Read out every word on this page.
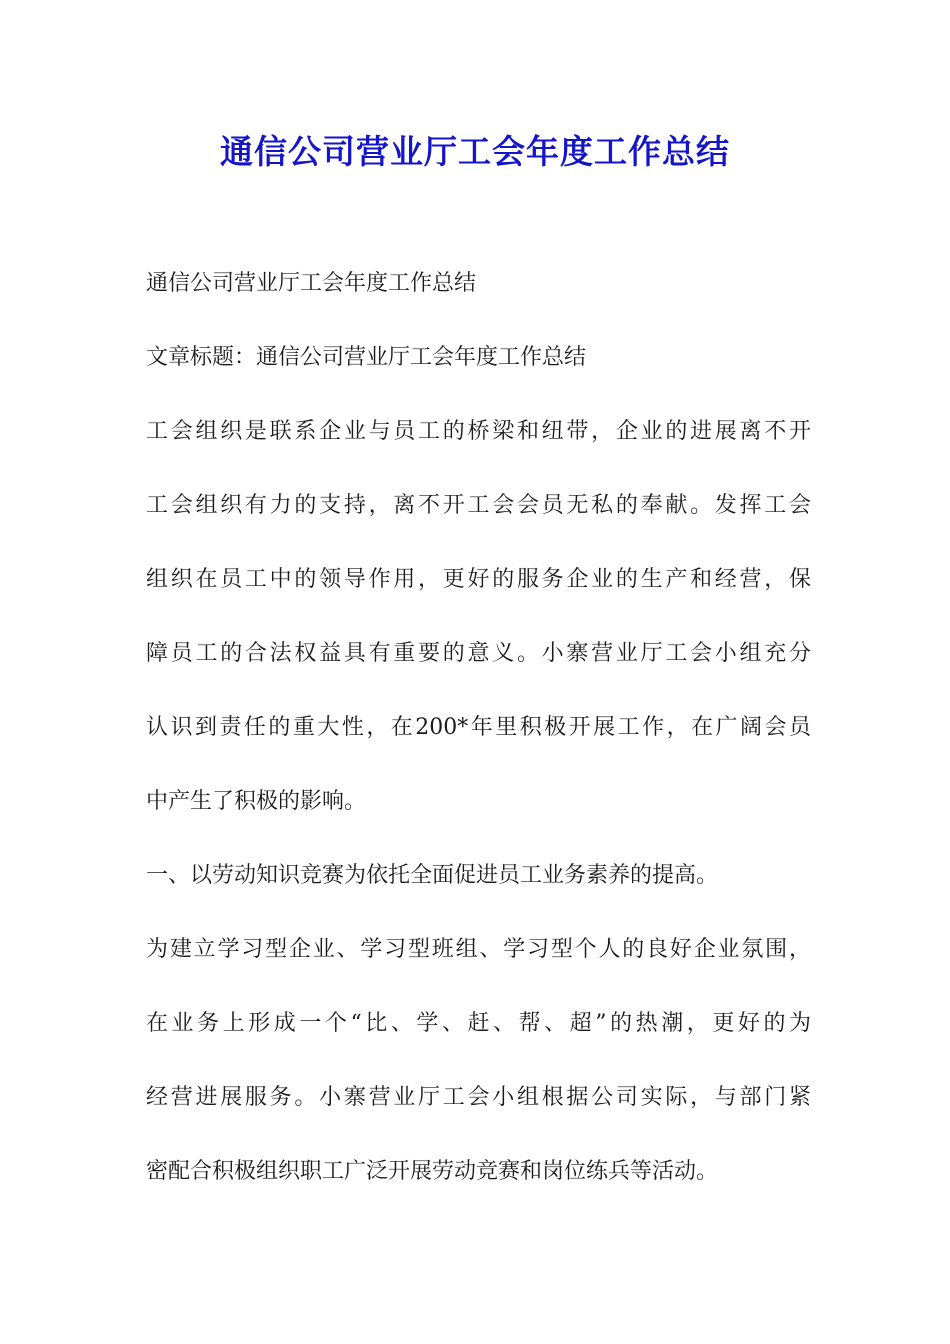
通信公司营业厅工会年度工作总结
通信公司营业厅工会年度工作总结
文章标题：通信公司营业厅工会年度工作总结
工会组织是联系企业与员工的桥梁和纽带，企业的进展离不开
工会组织有力的支持，离不开工会会员无私的奉献。发挥工会
组织在员工中的领导作用，更好的服务企业的生产和经营，保
障员工的合法权益具有重要的意义。小寨营业厅工会小组充分
认识到责任的重大性，在200*年里积极开展工作，在广阔会员
中产生了积极的影响。
一、以劳动知识竞赛为依托全面促进员工业务素养的提高。
为建立学习型企业、学习型班组、学习型个人的良好企业氛围，
在业务上形成一个“比、学、赶、帮、超”的热潮，更好的为
经营进展服务。小寨营业厅工会小组根据公司实际，与部门紧
密配合积极组织职工广泛开展劳动竞赛和岗位练兵等活动。
